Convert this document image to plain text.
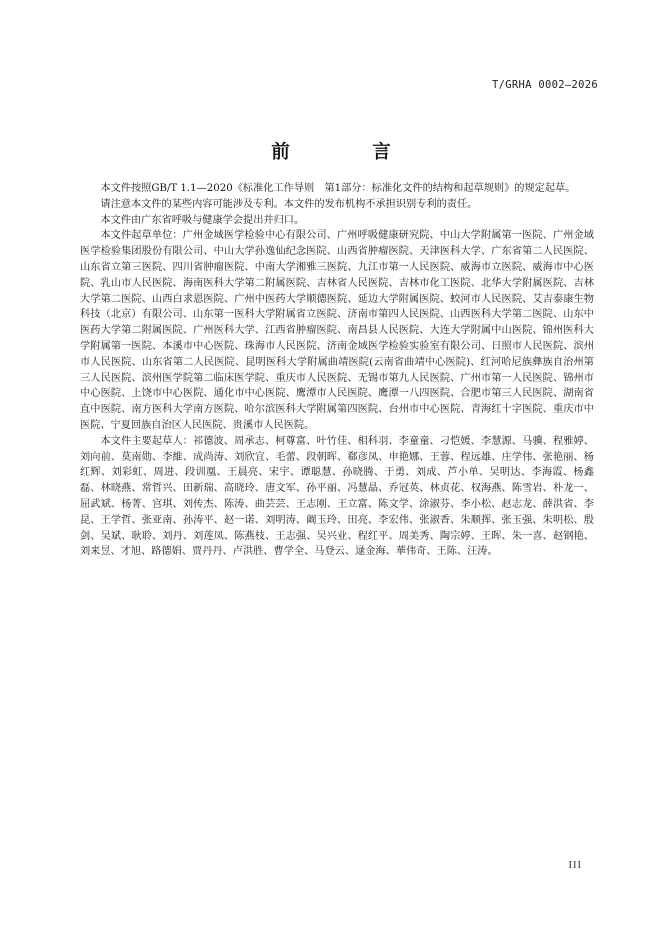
T/GRHA 0002—2026
前　言

本文件按照GB/T 1.1—2020《标准化工作导则　第1部分：标准化文件的结构和起草规则》的规定起草。

请注意本文件的某些内容可能涉及专利。本文件的发布机构不承担识别专利的责任。

本文件由广东省呼吸与健康学会提出并归口。

本文件起草单位：广州金域医学检验中心有限公司、广州呼吸健康研究院、中山大学附属第一医院、广州金域医学检验集团股份有限公司、中山大学孙逸仙纪念医院、山西省肿瘤医院、天津医科大学、广东省第二人民医院、山东省立第三医院、四川省肿瘤医院、中南大学湘雅三医院、九江市第一人民医院、威海市立医院、威海市中心医院、乳山市人民医院、海南医科大学第二附属医院、吉林省人民医院、吉林市化工医院、北华大学附属医院、吉林大学第二医院、山西白求恩医院、广州中医药大学顺德医院、延边大学附属医院、蛟河市人民医院、艾吉泰康生物科技（北京）有限公司、山东第一医科大学附属省立医院、济南市第四人民医院、山西医科大学第二医院、山东中医药大学第二附属医院、广州医科大学、江西省肿瘤医院、南昌县人民医院、大连大学附属中山医院、锦州医科大学附属第一医院、本溪市中心医院、珠海市人民医院、济南金域医学检验实验室有限公司、日照市人民医院、滨州市人民医院、山东省第二人民医院、昆明医科大学附属曲靖医院(云南省曲靖中心医院)、红河哈尼族彝族自治州第三人民医院、滨州医学院第二临床医学院、重庆市人民医院、无锡市第九人民医院、广州市第一人民医院、锦州市中心医院、上饶市中心医院、通化市中心医院、鹰潭市人民医院、鹰潭一八四医院、合肥市第三人民医院、湖南省直中医院、南方医科大学南方医院、哈尔滨医科大学附属第四医院、台州市中心医院、青海红十字医院、重庆市中医院、宁夏回族自治区人民医院、贵溪市人民医院。

本文件主要起草人：祁德波、周承志、柯尊富、叶竹佳、相科羽、李童童、刁恺媛、李慧源、马骥、程雅婷、刘向前、莫南勋、李維、成尚涛、刘欣宜、毛蕾、段朝晖、郗彦凤、申艳娜、王蓉、程远雄、庄学伟、张艳丽、杨红辉、刘彩虹、周进、段训凰、王晨亮、宋宇、谭聪慧、孙晓腾、于勇、刘成、芦小单、吴明达、李海霞、杨鑫磊、林晓燕、常哲兴、田新瑞、高晓玲、唐文军、孙平丽、冯慧晶、乔冠英、林贞花、权海燕、陈雪岩、朴龙一、屈武斌、杨菁、宫琪、刘传杰、陈涛、曲芸芸、王志刚、王立富、陈文学、涂淑芬、李小松、赵志龙、薛洪省、李昆、王学哲、张亚南、孙涛平、赵一诺、刘明涛、阚玉玲、田亮、李宏伟、张淑香、朱顺挥、张玉强、朱明松、殷剑、吴斌、耿聆、刘丹、刘莲凤、陈燕枝、王志强、吴兴业、程红平、周美秀、陶宗婷、王晖、朱一喜、赵钢艳、刘来昱、才旭、路德娟、贾丹丹、卢洪胜、曹学全、马登云、逯金海、華伟奇、王陈、汪涛。

III
